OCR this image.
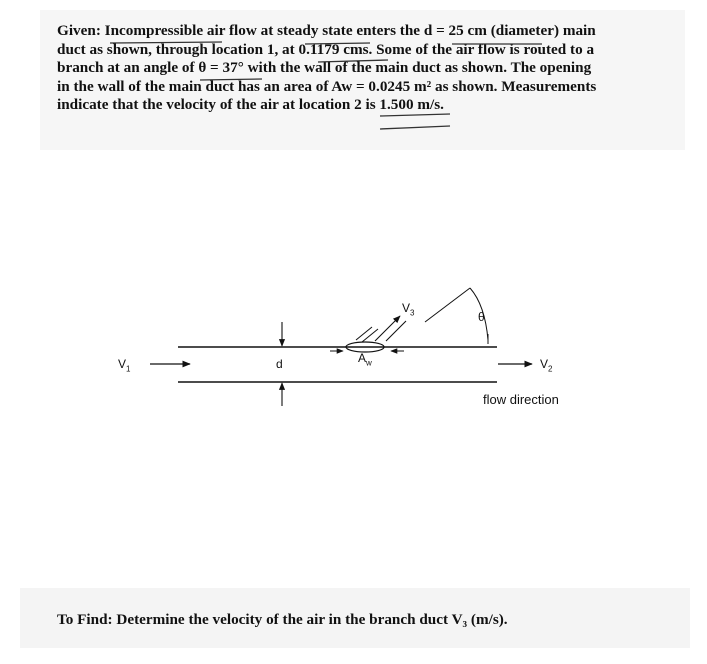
Given: Incompressible air flow at steady state enters the d = 25 cm (diameter) main

duct as shown, through location 1, at 0.1179 cms. Some of the air flow is routed to a

branch at an angle of θ = 37° with the wall of the main duct as shown. The opening

in the wall of the main duct has an area of Aw = 0.0245 m² as shown. Measurements

indicate that the velocity of the air at location 2 is 1.500 m/s.

$V_1$	$V_2$
$V_3$
$A_w$
d
θ
flow direction
To Find: Determine the velocity of the air in the branch duct V₃ (m/s).
